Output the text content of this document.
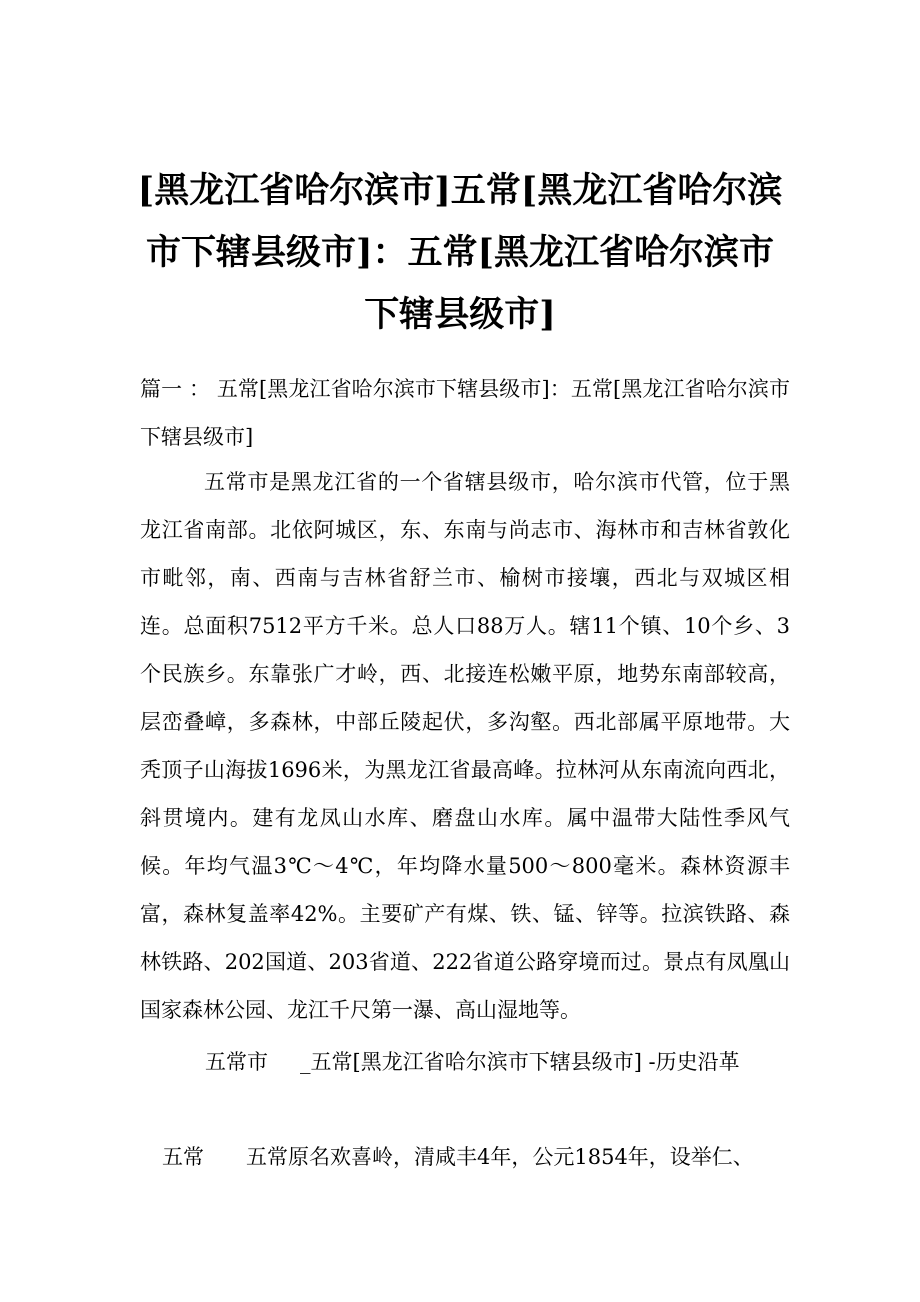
[黑龙江省哈尔滨市]五常[黑龙江省哈尔滨市下辖县级市]：五常[黑龙江省哈尔滨市下辖县级市]

篇一 ： 五常[黑龙江省哈尔滨市下辖县级市]：五常[黑龙江省哈尔滨市下辖县级市]

五常市是黑龙江省的一个省辖县级市，哈尔滨市代管，位于黑龙江省南部。北依阿城区，东、东南与尚志市、海林市和吉林省敦化市毗邻，南、西南与吉林省舒兰市、榆树市接壤，西北与双城区相连。总面积7512平方千米。总人口88万人。辖11个镇、10个乡、3个民族乡。东靠张广才岭，西、北接连松嫩平原，地势东南部较高，层峦叠嶂，多森林，中部丘陵起伏，多沟壑。西北部属平原地带。大秃顶子山海拔1696米，为黑龙江省最高峰。拉林河从东南流向西北，斜贯境内。建有龙凤山水库、磨盘山水库。属中温带大陆性季风气候。年均气温3℃～4℃，年均降水量500～800毫米。森林资源丰富，森林复盖率42%。主要矿产有煤、铁、锰、锌等。拉滨铁路、森林铁路、202国道、203省道、222省道公路穿境而过。景点有凤凰山国家森林公园、龙江千尺第一瀑、高山湿地等。

五常市 _五常[黑龙江省哈尔滨市下辖县级市] -历史沿革

五常 五常原名欢喜岭，清咸丰4年，公元1854年，设举仁、
